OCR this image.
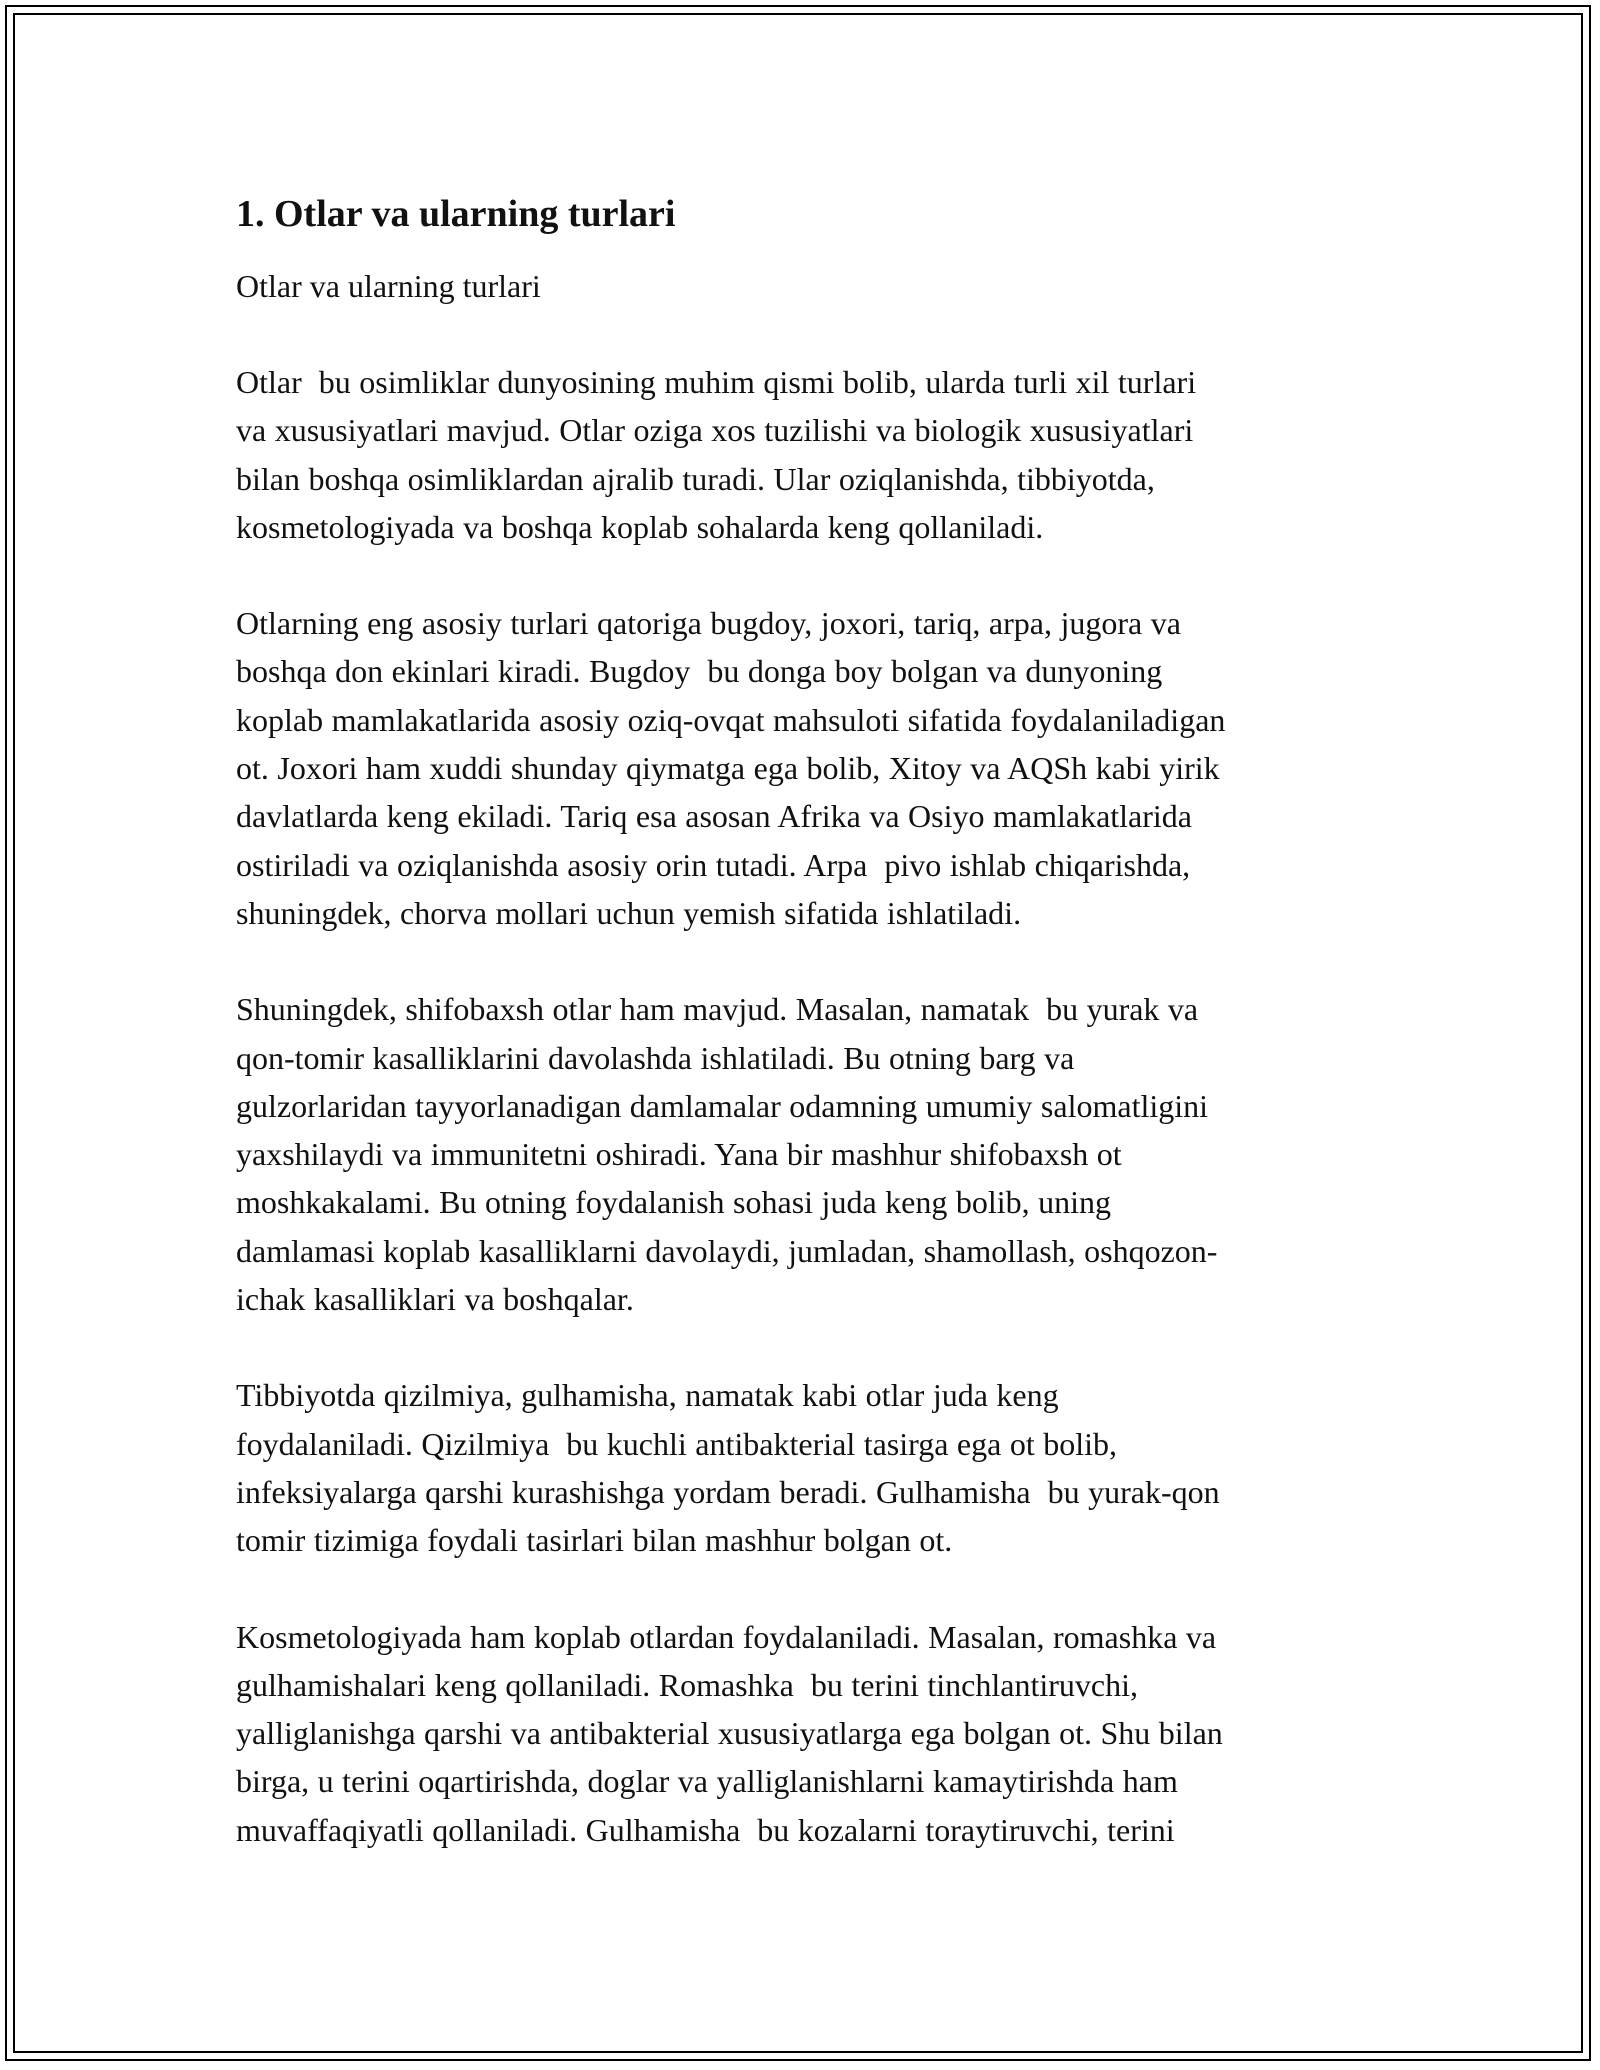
1. Otlar va ularning turlari
Otlar va ularning turlari
Otlar  bu osimliklar dunyosining muhim qismi bolib, ularda turli xil turlari
va xususiyatlari mavjud. Otlar oziga xos tuzilishi va biologik xususiyatlari
bilan boshqa osimliklardan ajralib turadi. Ular oziqlanishda, tibbiyotda,
kosmetologiyada va boshqa koplab sohalarda keng qollaniladi.
Otlarning eng asosiy turlari qatoriga bugdoy, joxori, tariq, arpa, jugora va
boshqa don ekinlari kiradi. Bugdoy  bu donga boy bolgan va dunyoning
koplab mamlakatlarida asosiy oziq-ovqat mahsuloti sifatida foydalaniladigan
ot. Joxori ham xuddi shunday qiymatga ega bolib, Xitoy va AQSh kabi yirik
davlatlarda keng ekiladi. Tariq esa asosan Afrika va Osiyo mamlakatlarida
ostiriladi va oziqlanishda asosiy orin tutadi. Arpa  pivo ishlab chiqarishda,
shuningdek, chorva mollari uchun yemish sifatida ishlatiladi.
Shuningdek, shifobaxsh otlar ham mavjud. Masalan, namatak  bu yurak va
qon-tomir kasalliklarini davolashda ishlatiladi. Bu otning barg va
gulzorlaridan tayyorlanadigan damlamalar odamning umumiy salomatligini
yaxshilaydi va immunitetni oshiradi. Yana bir mashhur shifobaxsh ot
moshkakalami. Bu otning foydalanish sohasi juda keng bolib, uning
damlamasi koplab kasalliklarni davolaydi, jumladan, shamollash, oshqozon-
ichak kasalliklari va boshqalar.
Tibbiyotda qizilmiya, gulhamisha, namatak kabi otlar juda keng
foydalaniladi. Qizilmiya  bu kuchli antibakterial tasirga ega ot bolib,
infeksiyalarga qarshi kurashishga yordam beradi. Gulhamisha  bu yurak-qon
tomir tizimiga foydali tasirlari bilan mashhur bolgan ot.
Kosmetologiyada ham koplab otlardan foydalaniladi. Masalan, romashka va
gulhamishalari keng qollaniladi. Romashka  bu terini tinchlantiruvchi,
yalliglanishga qarshi va antibakterial xususiyatlarga ega bolgan ot. Shu bilan
birga, u terini oqartirishda, doglar va yalliglanishlarni kamaytirishda ham
muvaffaqiyatli qollaniladi. Gulhamisha  bu kozalarni toraytiruvchi, terini
